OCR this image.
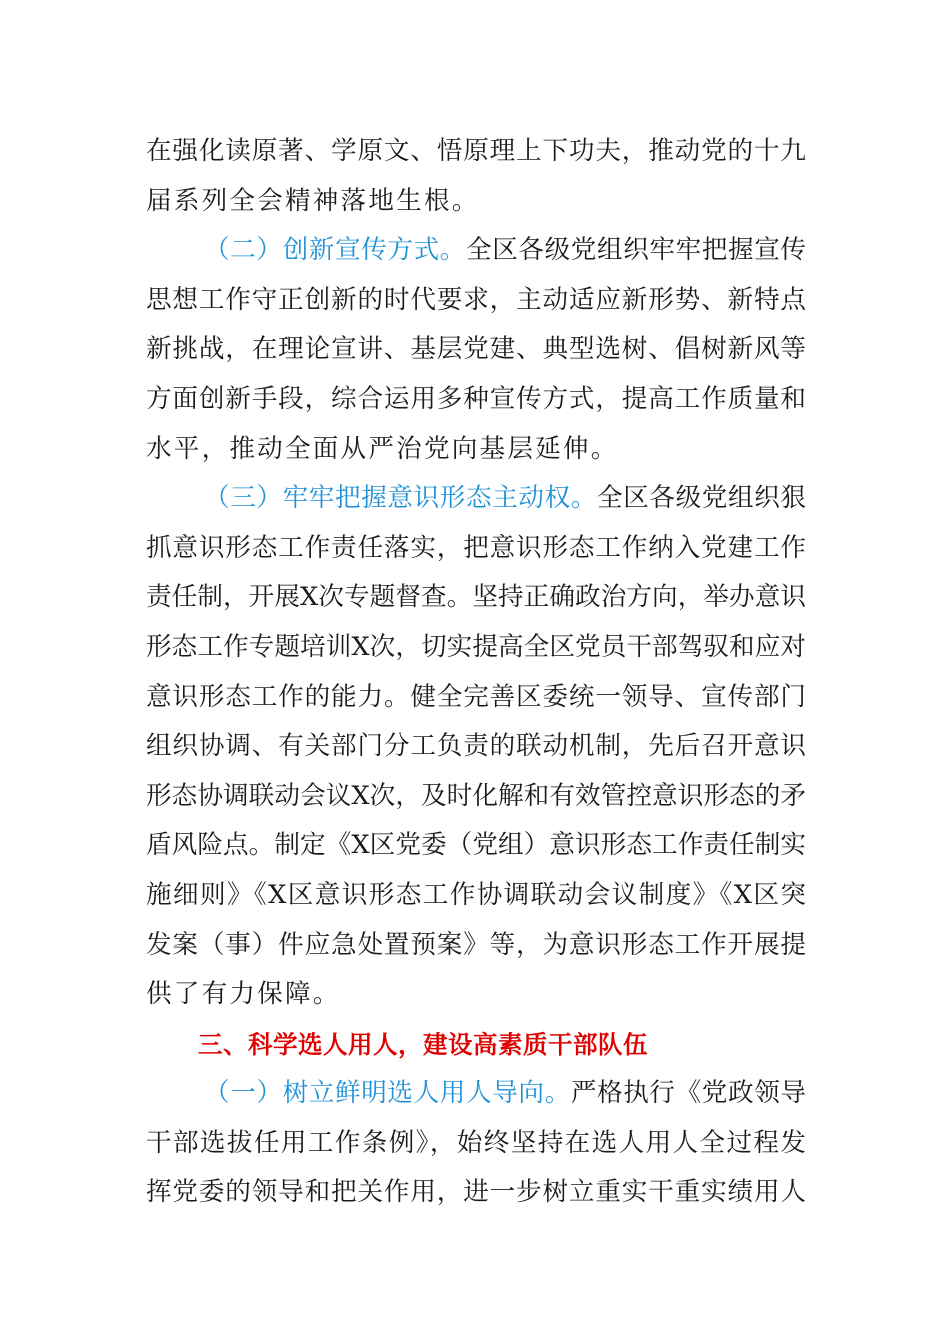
在强化读原著、学原文、悟原理上下功夫，推动党的十九
届系列全会精神落地生根。
（二）创新宣传方式。全区各级党组织牢牢把握宣传
思想工作守正创新的时代要求，主动适应新形势、新特点
新挑战，在理论宣讲、基层党建、典型选树、倡树新风等
方面创新手段，综合运用多种宣传方式，提高工作质量和
水平，推动全面从严治党向基层延伸。
（三）牢牢把握意识形态主动权。全区各级党组织狠
抓意识形态工作责任落实，把意识形态工作纳入党建工作
责任制，开展X次专题督查。坚持正确政治方向，举办意识
形态工作专题培训X次，切实提高全区党员干部驾驭和应对
意识形态工作的能力。健全完善区委统一领导、宣传部门
组织协调、有关部门分工负责的联动机制，先后召开意识
形态协调联动会议X次，及时化解和有效管控意识形态的矛
盾风险点。制定《X区党委（党组）意识形态工作责任制实
施细则》《X区意识形态工作协调联动会议制度》《X区突
发案（事）件应急处置预案》等，为意识形态工作开展提
供了有力保障。
三、科学选人用人，建设高素质干部队伍
（一）树立鲜明选人用人导向。严格执行《党政领导
干部选拔任用工作条例》，始终坚持在选人用人全过程发
挥党委的领导和把关作用，进一步树立重实干重实绩用人
